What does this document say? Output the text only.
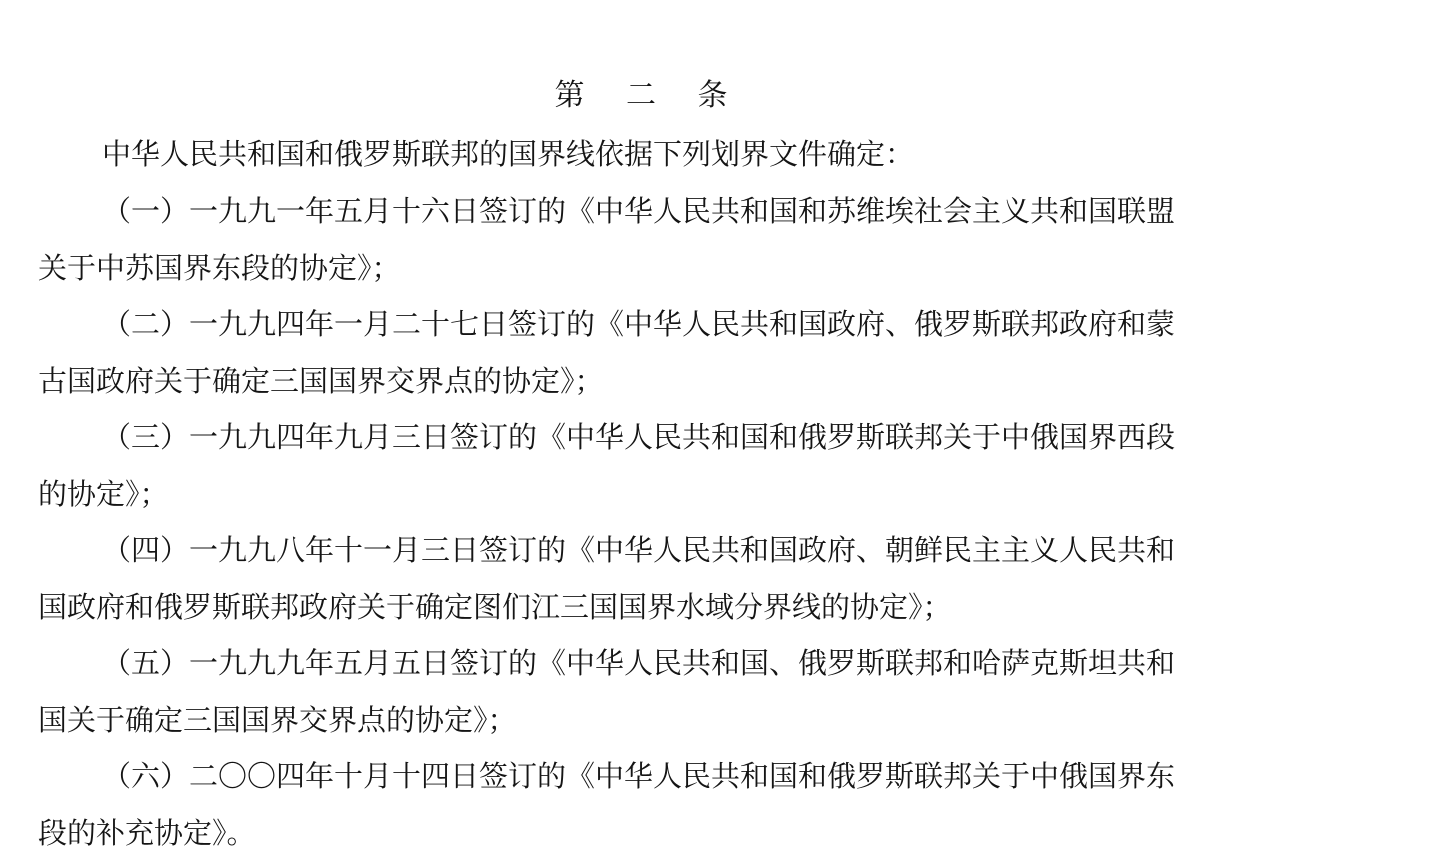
第 二 条

中华人民共和国和俄罗斯联邦的国界线依据下列划界文件确定：

（一）一九九一年五月十六日签订的《中华人民共和国和苏维埃社会主义共和国联盟
关于中苏国界东段的协定》；

（二）一九九四年一月二十七日签订的《中华人民共和国政府、俄罗斯联邦政府和蒙
古国政府关于确定三国国界交界点的协定》；

（三）一九九四年九月三日签订的《中华人民共和国和俄罗斯联邦关于中俄国界西段
的协定》；

（四）一九九八年十一月三日签订的《中华人民共和国政府、朝鲜民主主义人民共和
国政府和俄罗斯联邦政府关于确定图们江三国国界水域分界线的协定》；

（五）一九九九年五月五日签订的《中华人民共和国、俄罗斯联邦和哈萨克斯坦共和
国关于确定三国国界交界点的协定》；

（六）二〇〇四年十月十四日签订的《中华人民共和国和俄罗斯联邦关于中俄国界东
段的补充协定》。
